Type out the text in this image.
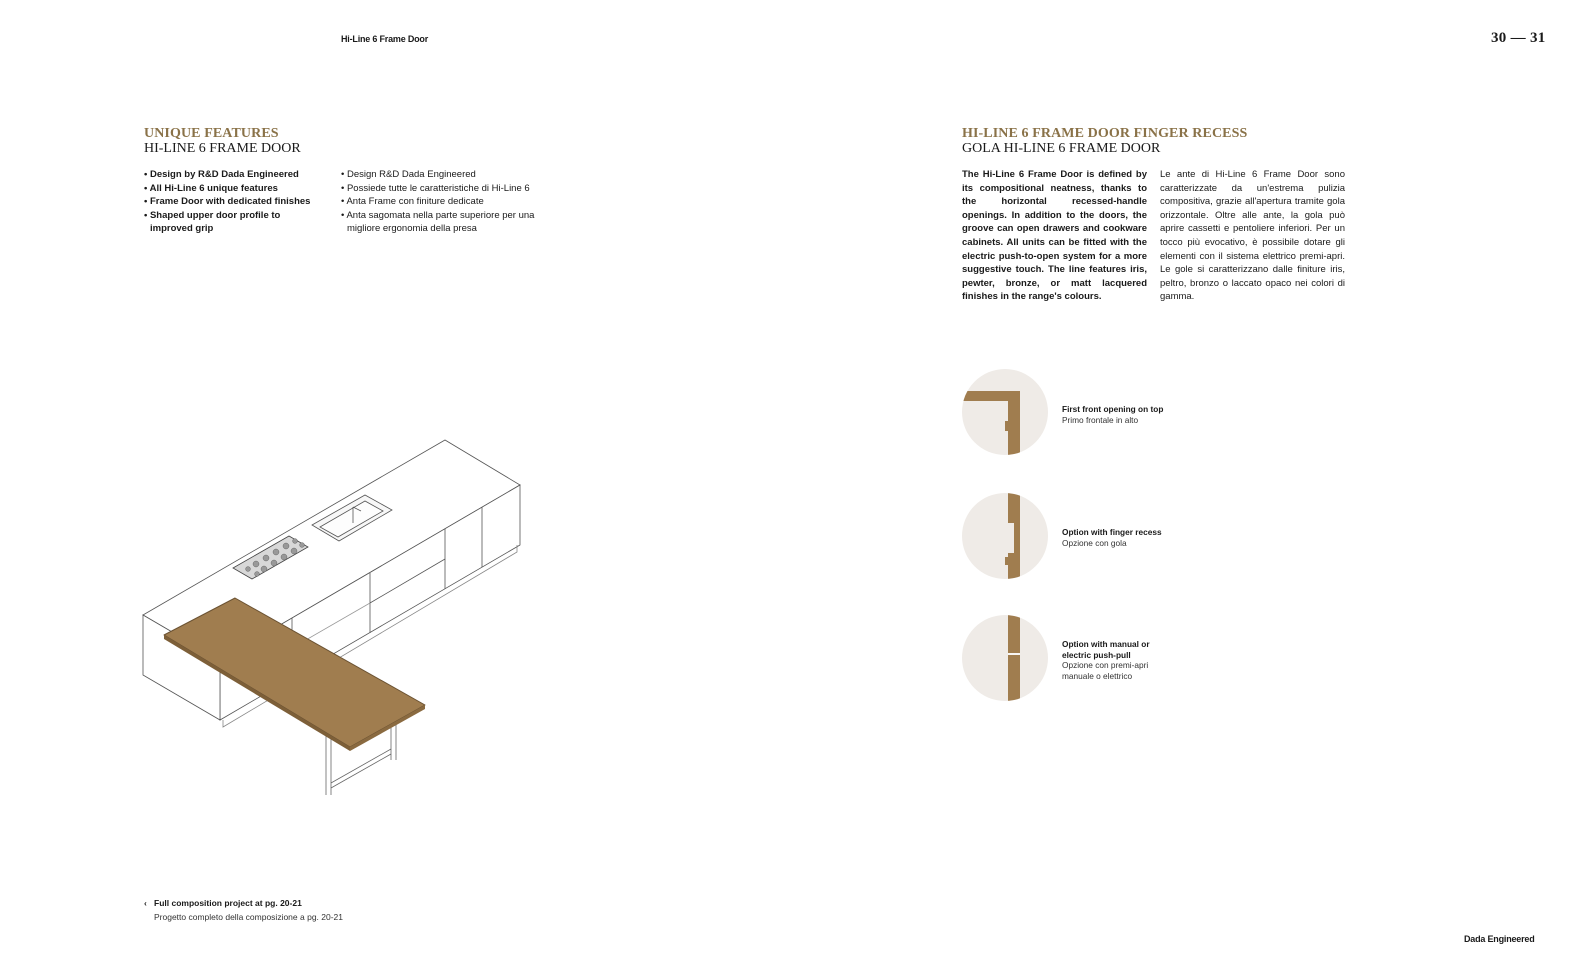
Hi-Line 6 Frame Door	30 — 31
UNIQUE FEATURES
HI-LINE 6 FRAME DOOR
• Design by R&D Dada Engineered
• All Hi-Line 6 unique features
• Frame Door with dedicated finishes
• Shaped upper door profile to improved grip
• Design R&D Dada Engineered
• Possiede tutte le caratteristiche di Hi-Line 6
• Anta Frame con finiture dedicate
• Anta sagomata nella parte superiore per una migliore ergonomia della presa
‹ Full composition project at pg. 20-21
Progetto completo della composizione a pg. 20-21
HI-LINE 6 FRAME DOOR FINGER RECESS
GOLA HI-LINE 6 FRAME DOOR
The Hi-Line 6 Frame Door is defined by its compositional neatness, thanks to the horizontal recessed-handle openings. In addition to the doors, the groove can open drawers and cookware cabinets. All units can be fitted with the electric push-to-open system for a more suggestive touch. The line features iris, pewter, bronze, or matt lacquered finishes in the range's colours.
Le ante di Hi-Line 6 Frame Door sono caratterizzate da un'estrema pulizia compositiva, grazie all'apertura tramite gola orizzontale. Oltre alle ante, la gola può aprire cassetti e pentoliere inferiori. Per un tocco più evocativo, è possibile dotare gli elementi con il sistema elettrico premi-apri. Le gole si caratterizzano dalle finiture iris, peltro, bronzo o laccato opaco nei colori di gamma.
First front opening on top
Primo frontale in alto
Option with finger recess
Opzione con gola
Option with manual or electric push-pull
Opzione con premi-apri manuale o elettrico
Dada Engineered
